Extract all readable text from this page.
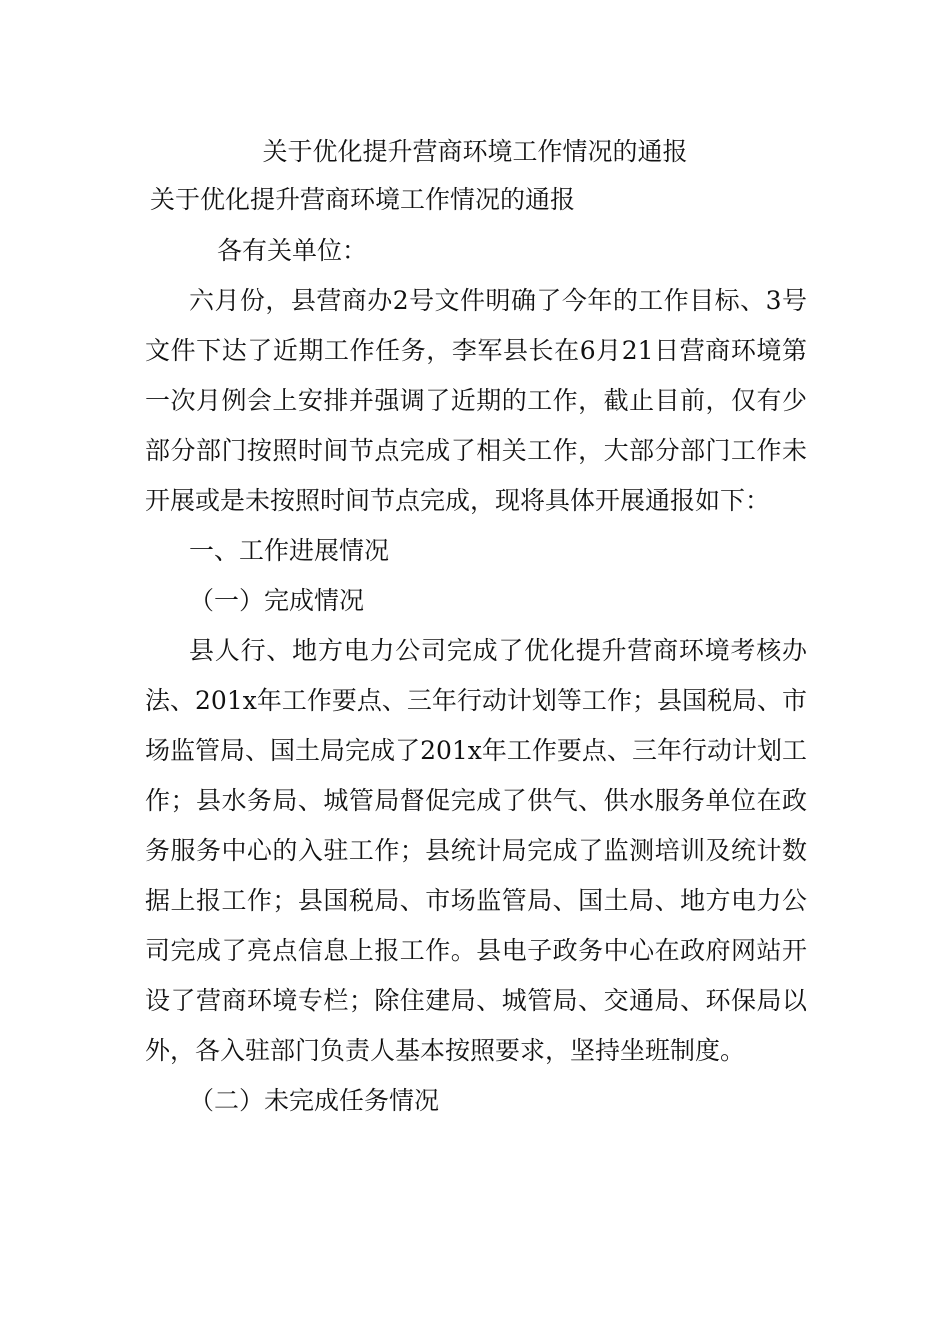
关于优化提升营商环境工作情况的通报
关于优化提升营商环境工作情况的通报

各有关单位：

六月份，县营商办2号文件明确了今年的工作目标、3号文件下达了近期工作任务，李军县长在6月21日营商环境第一次月例会上安排并强调了近期的工作，截止目前，仅有少部分部门按照时间节点完成了相关工作，大部分部门工作未开展或是未按照时间节点完成，现将具体开展通报如下：

一、工作进展情况

（一）完成情况

县人行、地方电力公司完成了优化提升营商环境考核办法、201x年工作要点、三年行动计划等工作；县国税局、市场监管局、国土局完成了201x年工作要点、三年行动计划工作；县水务局、城管局督促完成了供气、供水服务单位在政务服务中心的入驻工作；县统计局完成了监测培训及统计数据上报工作；县国税局、市场监管局、国土局、地方电力公司完成了亮点信息上报工作。县电子政务中心在政府网站开设了营商环境专栏；除住建局、城管局、交通局、环保局以外，各入驻部门负责人基本按照要求，坚持坐班制度。

（二）未完成任务情况
